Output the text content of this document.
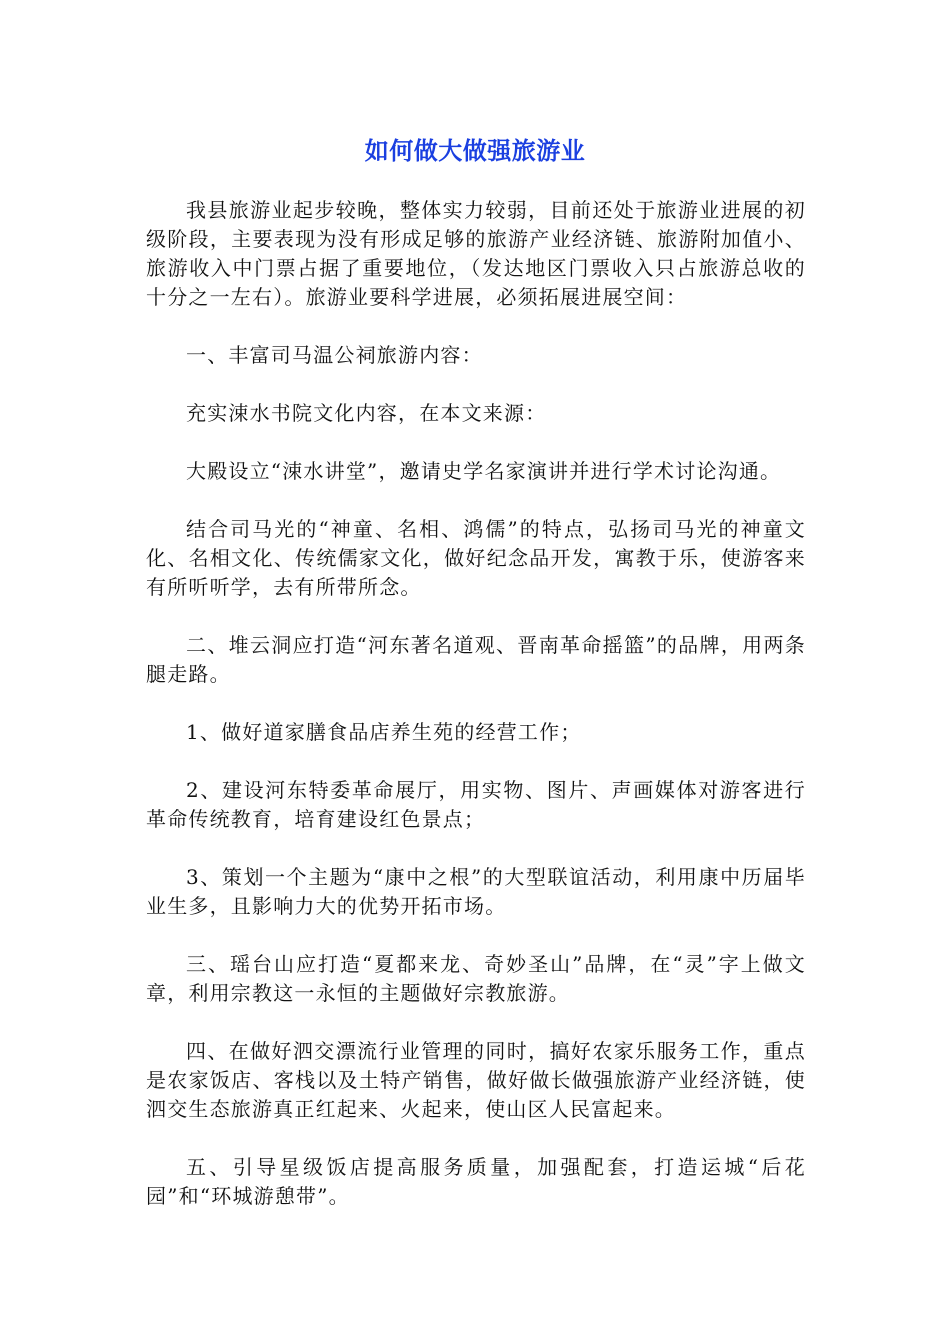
如何做大做强旅游业

我县旅游业起步较晚，整体实力较弱，目前还处于旅游业进展的初级阶段，主要表现为没有形成足够的旅游产业经济链、旅游附加值小、旅游收入中门票占据了重要地位，（发达地区门票收入只占旅游总收的十分之一左右）。旅游业要科学进展，必须拓展进展空间：

一、丰富司马温公祠旅游内容：

充实涑水书院文化内容，在本文来源：

大殿设立“涑水讲堂”，邀请史学名家演讲并进行学术讨论沟通。

结合司马光的“神童、名相、鸿儒”的特点，弘扬司马光的神童文化、名相文化、传统儒家文化，做好纪念品开发，寓教于乐，使游客来有所听听学，去有所带所念。

二、堆云洞应打造“河东著名道观、晋南革命摇篮”的品牌，用两条腿走路。

1、做好道家膳食品店养生苑的经营工作；

2、建设河东特委革命展厅，用实物、图片、声画媒体对游客进行革命传统教育，培育建设红色景点；

3、策划一个主题为“康中之根”的大型联谊活动，利用康中历届毕业生多，且影响力大的优势开拓市场。

三、瑶台山应打造“夏都来龙、奇妙圣山”品牌，在“灵”字上做文章，利用宗教这一永恒的主题做好宗教旅游。

四、在做好泗交漂流行业管理的同时，搞好农家乐服务工作，重点是农家饭店、客栈以及土特产销售，做好做长做强旅游产业经济链，使泗交生态旅游真正红起来、火起来，使山区人民富起来。

五、引导星级饭店提高服务质量，加强配套，打造运城“后花园”和“环城游憩带”。
